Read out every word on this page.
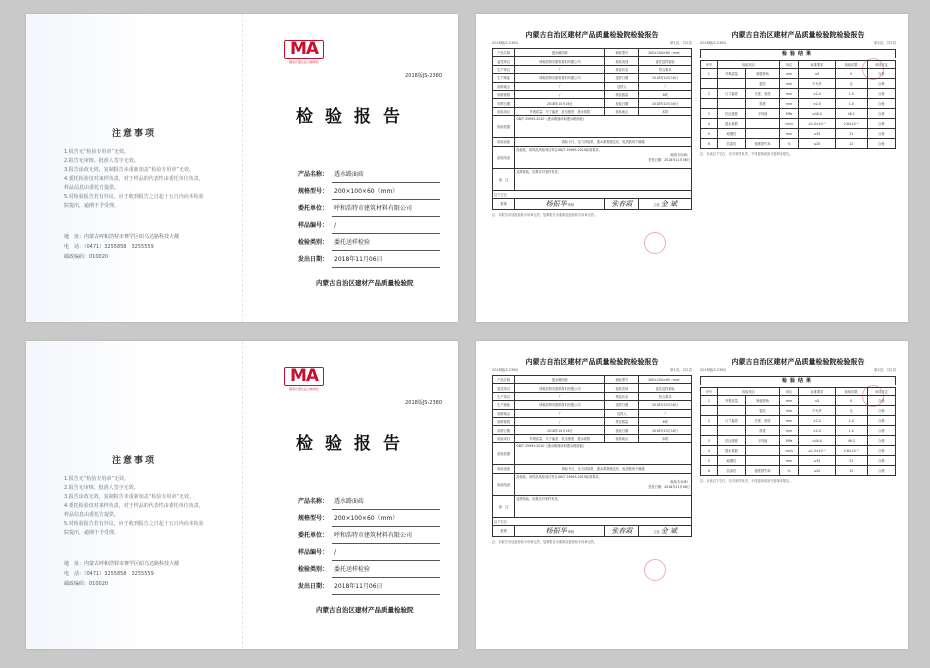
注意事项
1.报告无“检验专用章”无效。
2.报告无审核、批准人签字无效。
3.报告涂改无效，复制报告未重新加盖“检验专用章”无效。
4.委托检验仅对来样负责，对于样品的代表性由委托单位负责，
样品信息由委托方提供。
5.对检验报告若有异议，应于收到报告之日起十五日内向本检验
院提出，逾期不予受理。
地　址：内蒙古呼和浩特市赛罕区昭乌达路科技大楼
电　话：（0471）3255858　3255559
邮政编码：010020
MA
国家计量认证合格单位
2018版JS-2380
检验报告
产品名称： 透水路面砖
规格型号： 200×100×60（mm）
委托单位： 呼和浩特市建筑材料有限公司
样品编号： /
检验类别： 委托送样检验
发出日期： 2018年11月06日
内蒙古自治区建材产品质量检验院
内蒙古自治区建材产品质量检验院检验报告
2018版JS-2380	第1页，共2页
产品名称	透水路面砖	商标型号	200×100×60（mm）
委托单位	呼和浩特市建筑材料有限公司	检验类别	委托送样检验
生产单位	/	样品状态	符合要求
生产地址	呼和浩特市建筑材料有限公司	送样日期	2018年10月16日
抽样地点	/	送样人	/
抽样基数	/	样品数量	6块
到样日期	2018年10月16日	检验日期	2018年10月16日
检验项目	外观质量、尺寸偏差、抗压强度、透水系数	检验地点	本院
检验依据	GB/T 25993-2010《透水路面砖和透水路面板》		
检验设备	游标卡尺、压力试验机、透水系数测定仪、电热鼓风干燥箱		
检验结论	经检验，该样品所检项目符合GB/T 25993-2010标准要求。
（检验专用章）
签发日期：2018年11月06日		

备　注	送样检验，结果仅对来样负责。		
以下空白			
批准	杨振华 审核	张春霞	主检 金 斌
注：本报告未加盖检验专用章无效，复制报告未重新加盖检验专用章无效。
内蒙古自治区建材产品质量检验院检验报告
2018版JS-2380	第2页，共2页
检验结果
序号	检验项目		单位	标准要求	检验结果	单项评定
1	外观质量	缺棱掉角	mm	≤5	0	合格
		裂纹	mm	不允许	无	合格
2	尺寸偏差	长度、宽度	mm	±2.0	1.0	合格
		厚度	mm	±2.0	1.0	合格
3	抗压强度	平均值	MPa	≥40.0	46.2	合格
4	透水系数		cm/s	≥1.0×10⁻²	2.6×10⁻²	合格
5	耐磨性		mm	≤35	31	合格
6	抗冻性	强度损失率	%	≤20	12	合格
注：本表以下空白，仅对来样负责，不得复制或部分复制本报告。
注意事项
1.报告无“检验专用章”无效。
2.报告无审核、批准人签字无效。
3.报告涂改无效，复制报告未重新加盖“检验专用章”无效。
4.委托检验仅对来样负责，对于样品的代表性由委托单位负责，
样品信息由委托方提供。
5.对检验报告若有异议，应于收到报告之日起十五日内向本检验
院提出，逾期不予受理。
地　址：内蒙古呼和浩特市赛罕区昭乌达路科技大楼
电　话：（0471）3255858　3255559
邮政编码：010020
MA
国家计量认证合格单位
2018版JS-2380
检验报告
产品名称： 透水路面砖
规格型号： 200×100×60（mm）
委托单位： 呼和浩特市建筑材料有限公司
样品编号： /
检验类别： 委托送样检验
发出日期： 2018年11月06日
内蒙古自治区建材产品质量检验院
内蒙古自治区建材产品质量检验院检验报告
2018版JS-2380	第1页，共2页
产品名称	透水路面砖	商标型号	200×100×60（mm）
委托单位	呼和浩特市建筑材料有限公司	检验类别	委托送样检验
生产单位	/	样品状态	符合要求
生产地址	呼和浩特市建筑材料有限公司	送样日期	2018年10月16日
抽样地点	/	送样人	/
抽样基数	/	样品数量	6块
到样日期	2018年10月16日	检验日期	2018年10月16日
检验项目	外观质量、尺寸偏差、抗压强度、透水系数	检验地点	本院
检验依据	GB/T 25993-2010《透水路面砖和透水路面板》		
检验设备	游标卡尺、压力试验机、透水系数测定仪、电热鼓风干燥箱		
检验结论	经检验，该样品所检项目符合GB/T 25993-2010标准要求。
（检验专用章）
签发日期：2018年11月06日		

备　注	送样检验，结果仅对来样负责。		
以下空白			
批准	杨振华 审核	张春霞	主检 金 斌
注：本报告未加盖检验专用章无效，复制报告未重新加盖检验专用章无效。
内蒙古自治区建材产品质量检验院检验报告
2018版JS-2380	第2页，共2页
检验结果
序号	检验项目		单位	标准要求	检验结果	单项评定
1	外观质量	缺棱掉角	mm	≤5	0	合格
		裂纹	mm	不允许	无	合格
2	尺寸偏差	长度、宽度	mm	±2.0	1.0	合格
		厚度	mm	±2.0	1.0	合格
3	抗压强度	平均值	MPa	≥40.0	46.2	合格
4	透水系数		cm/s	≥1.0×10⁻²	2.6×10⁻²	合格
5	耐磨性		mm	≤35	31	合格
6	抗冻性	强度损失率	%	≤20	12	合格
注：本表以下空白，仅对来样负责，不得复制或部分复制本报告。
